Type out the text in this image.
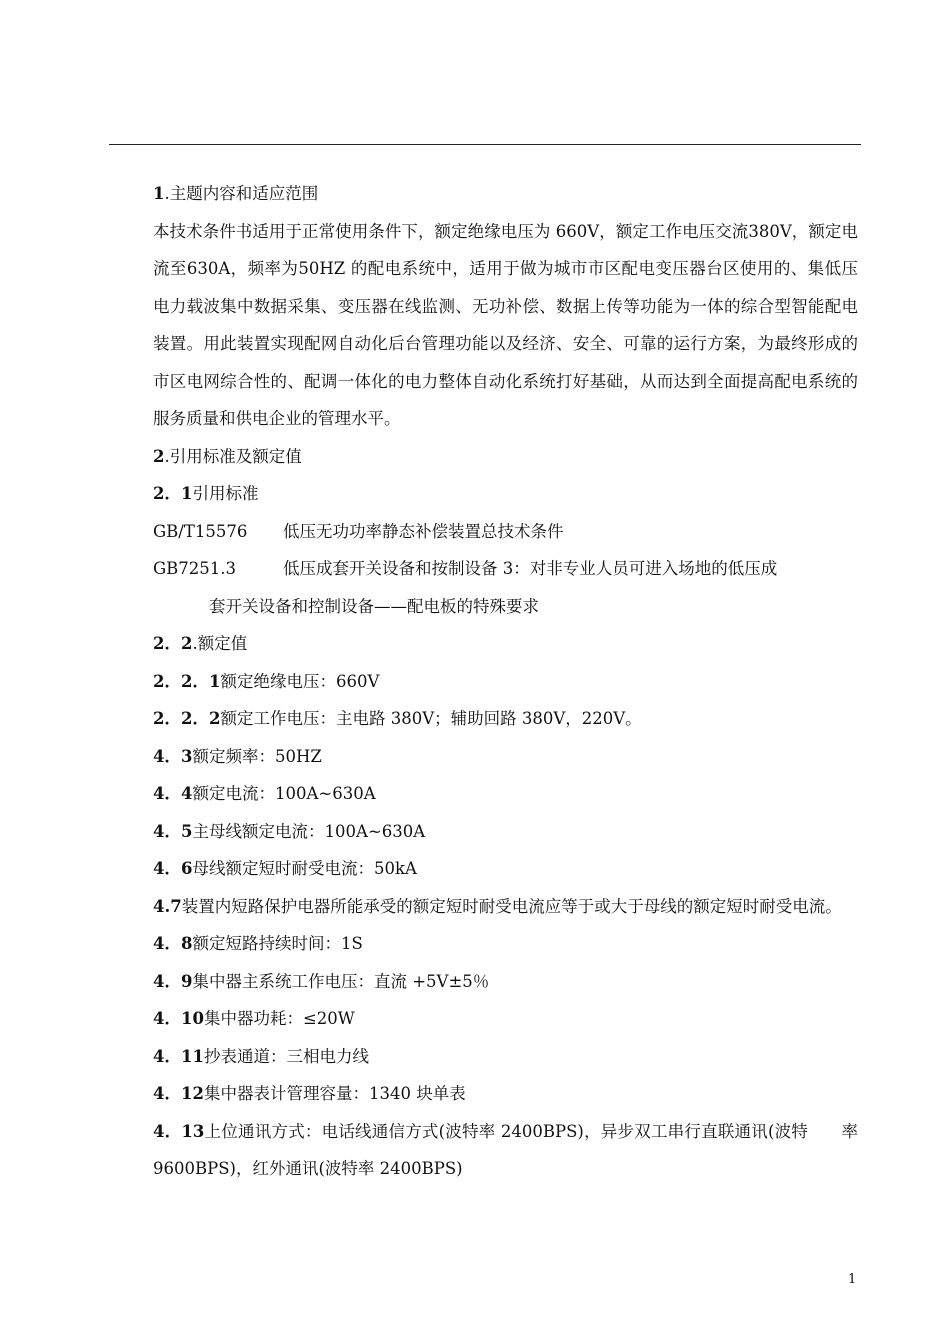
1.主题内容和适应范围

本技术条件书适用于正常使用条件下，额定绝缘电压为 660V，额定工作电压交流380V，额定电流至630A，频率为50HZ 的配电系统中，适用于做为城市市区配电变压器台区使用的、集低压电力载波集中数据采集、变压器在线监测、无功补偿、数据上传等功能为一体的综合型智能配电装置。用此装置实现配网自动化后台管理功能以及经济、安全、可靠的运行方案，为最终形成的市区电网综合性的、配调一体化的电力整体自动化系统打好基础，从而达到全面提高配电系统的服务质量和供电企业的管理水平。

2.引用标准及额定值

2．1引用标准

GB/T15576	低压无功功率静态补偿装置总技术条件
GB7251.3	低压成套开关设备和按制设备 3：对非专业人员可进入场地的低压成

套开关设备和控制设备——配电板的特殊要求

2．2.额定值

2．2．1额定绝缘电压：660V

2．2．2额定工作电压：主电路 380V；辅助回路 380V，220V。

4．3额定频率：50HZ

4．4额定电流：100A~630A

4．5主母线额定电流：100A~630A

4．6母线额定短时耐受电流：50kA

4.7装置内短路保护电器所能承受的额定短时耐受电流应等于或大于母线的额定短时耐受电流。

4．8额定短路持续时间：1S

4．9集中器主系统工作电压：直流 +5V±5％

4．10集中器功耗：≤20W

4．11抄表通道：三相电力线

4．12集中器表计管理容量：1340 块单表

4．13上位通讯方式：电话线通信方式(波特率 2400BPS)，异步双工串行直联通讯(波特　　率 9600BPS)，红外通讯(波特率 2400BPS)

1
